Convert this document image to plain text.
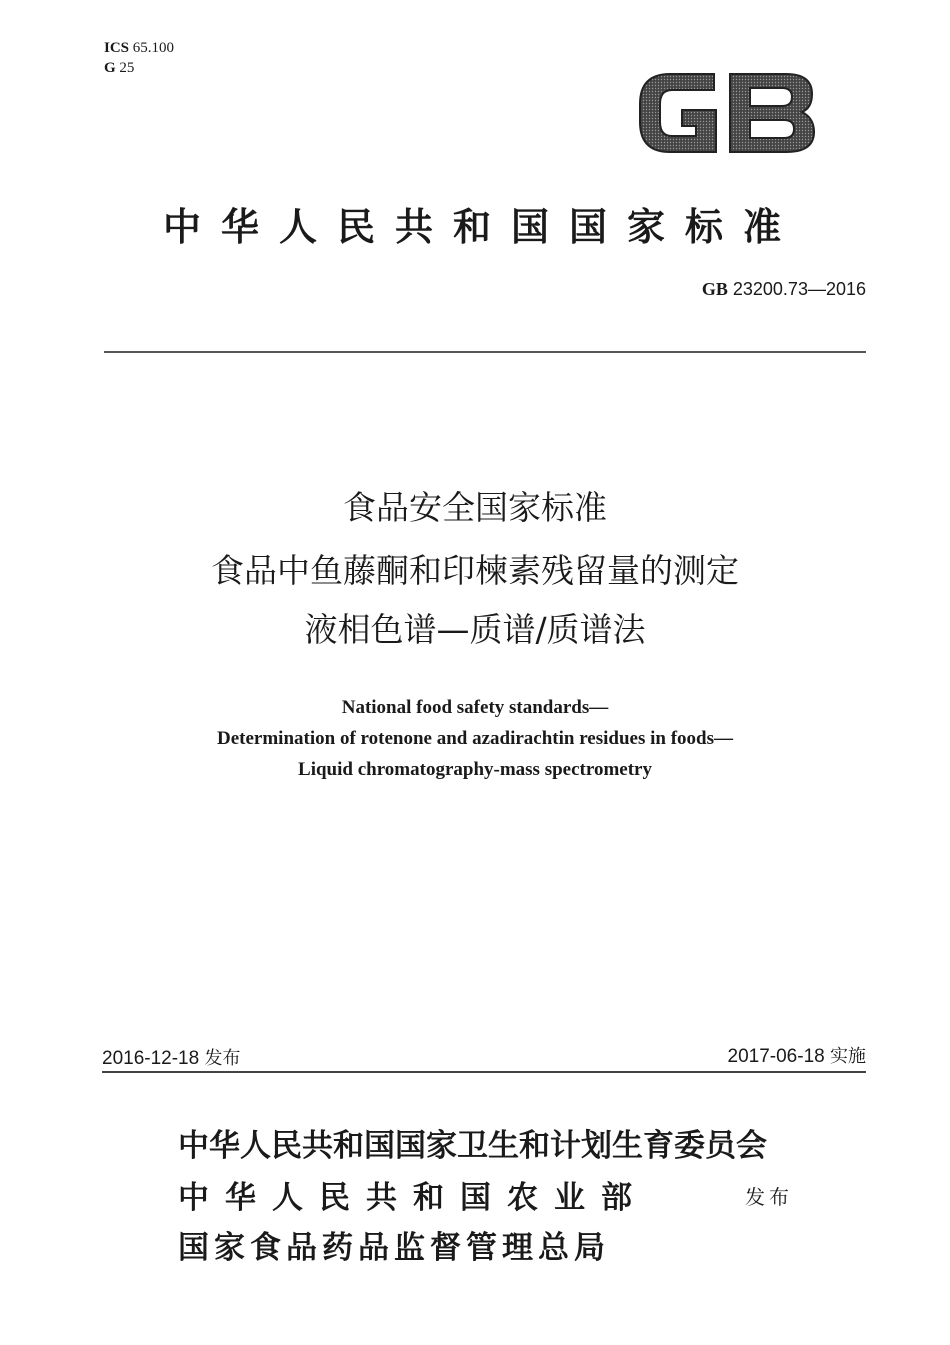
ICS 65.100
G 25
中华人民共和国国家标准
GB 23200.73—2016
食品安全国家标准
食品中鱼藤酮和印楝素残留量的测定
液相色谱—质谱/质谱法
National food safety standards—
Determination of rotenone and azadirachtin residues in foods—
Liquid chromatography-mass spectrometry
2016-12-18 发布	2017-06-18 实施
中华人民共和国国家卫生和计划生育委员会
中华人民共和国农业部
国家食品药品监督管理总局
发布
